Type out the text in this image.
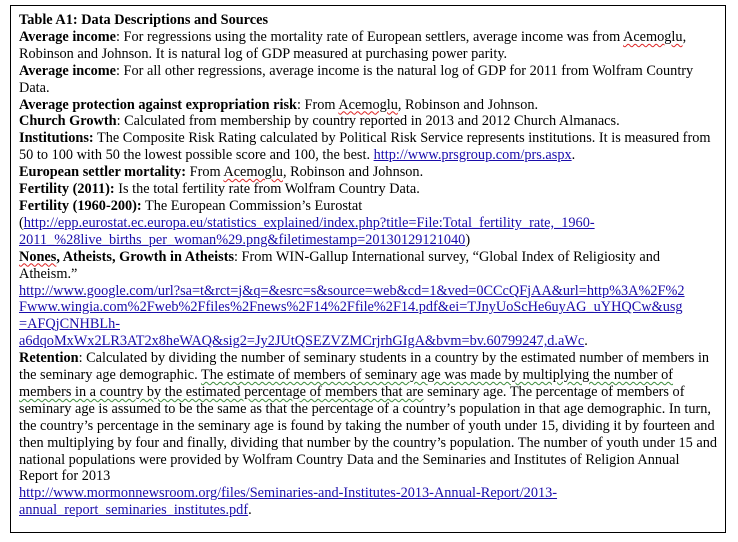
Table A1: Data Descriptions and Sources

Average income: For regressions using the mortality rate of European settlers, average income was from Acemoglu, Robinson and Johnson. It is natural log of GDP measured at purchasing power parity.

Average income: For all other regressions, average income is the natural log of GDP for 2011 from Wolfram Country Data.

Average protection against expropriation risk: From Acemoglu, Robinson and Johnson.

Church Growth: Calculated from membership by country reported in 2013 and 2012 Church Almanacs.

Institutions: The Composite Risk Rating calculated by Political Risk Service represents institutions. It is measured from 50 to 100 with 50 the lowest possible score and 100, the best. http://www.prsgroup.com/prs.aspx.

European settler mortality: From Acemoglu, Robinson and Johnson.

Fertility (2011): Is the total fertility rate from Wolfram Country Data.

Fertility (1960-200): The European Commission’s Eurostat
(http://epp.eurostat.ec.europa.eu/statistics_explained/index.php?title=File:Total_fertility_rate,_1960-
2011_%28live_births_per_woman%29.png&filetimestamp=20130129121040)

Nones, Atheists, Growth in Atheists: From WIN-Gallup International survey, “Global Index of Religiosity and Atheism.”
http://www.google.com/url?sa=t&rct=j&q=&esrc=s&source=web&cd=1&ved=0CCcQFjAA&url=http%3A%2F%2
Fwww.wingia.com%2Fweb%2Ffiles%2Fnews%2F14%2Ffile%2F14.pdf&ei=TJnyUoScHe6uyAG_uYHQCw&usg
=AFQjCNHBLh-
a6dqoMxWx2LR3AT2x8heWAQ&sig2=Jy2JUtQSEZVZMCrjrhGIgA&bvm=bv.60799247,d.aWc.

Retention: Calculated by dividing the number of seminary students in a country by the estimated number of members in the seminary age demographic. The estimate of members of seminary age was made by multiplying the number of members in a country by the estimated percentage of members that are seminary age. The percentage of members of seminary age is assumed to be the same as that the percentage of a country’s population in that age demographic. In turn, the country’s percentage in the seminary age is found by taking the number of youth under 15, dividing it by fourteen and then multiplying by four and finally, dividing that number by the country’s population. The number of youth under 15 and national populations were provided by Wolfram Country Data and the Seminaries and Institutes of Religion Annual Report for 2013
http://www.mormonnewsroom.org/files/Seminaries-and-Institutes-2013-Annual-Report/2013-
annual_report_seminaries_institutes.pdf.
